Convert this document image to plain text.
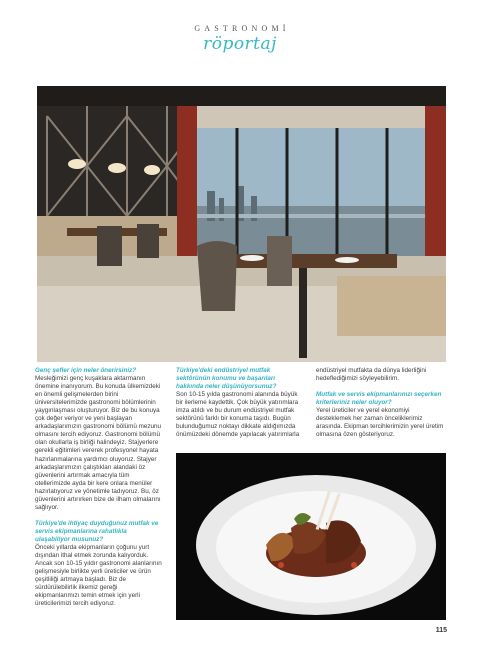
GASTRONOMİ
röportaj

Genç şefler için neler önerirsiniz?

Mesleğimizi genç kuşaklara aktarmanın önemine inanıyorum. Bu konuda ülkemizdeki en önemli gelişmelerden birini üniversitelerimizde gastronomi bölümlerinin yaygınlaşması oluşturuyor. Biz de bu konuya çok değer veriyor ve yeni başlayan arkadaşlarımızın gastronomi bölümü mezunu olmasını tercih ediyoruz. Gastronomi bölümü olan okullarla iş birliği halindeyiz. Stajyerlere gerekli eğitimleri vererek profesyonel hayata hazırlanmalarına yardımcı oluyoruz. Stajyer arkadaşlarımızın çalıştıkları alandaki öz güvenlerini artırmak amacıyla tüm otellerimizde ayda bir kere onlara menüler hazırlatıyoruz ve yönetimle tadıyoruz. Bu, öz güvenlerini artırırken bize de ilham olmalarını sağlıyor.

Türkiye'de ihtiyaç duyduğunuz mutfak ve servis ekipmanlarına rahatlıkla ulaşabiliyor musunuz?

Önceki yıllarda ekipmanların çoğunu yurt dışından ithal etmek zorunda kalıyorduk. Ancak son 10-15 yıldır gastronomi alanlarının gelişmesiyle birlikte yerli üreticiler ve ürün çeşitliliği artmaya başladı. Biz de sürdürülebilirlik ilkemiz gereği ekipmanlarımızı temin etmek için yerli üreticilerimizi tercih ediyoruz.

Türkiye'deki endüstriyel mutfak sektörünün konumu ve başarıları hakkında neler düşünüyorsunuz?

Son 10-15 yılda gastronomi alanında büyük bir ilerleme kaydettik. Çok büyük yatırımlara imza atıldı ve bu durum endüstriyel mutfak sektörünü farklı bir konuma taşıdı. Bugün bulunduğumuz noktayı dikkate aldığımızda önümüzdeki dönemde yapılacak yatırımlarla

endüstriyel mutfakta da dünya liderliğini hedeflediğimizi söyleyebilirim.

Mutfak ve servis ekipmanlarınızı seçerken kriterleriniz neler oluyor?

Yerel üreticiler ve yerel ekonomiyi desteklemek her zaman önceliklerimiz arasında. Ekipman tercihlerimizin yerel üretim olmasına özen gösteriyoruz.

115
